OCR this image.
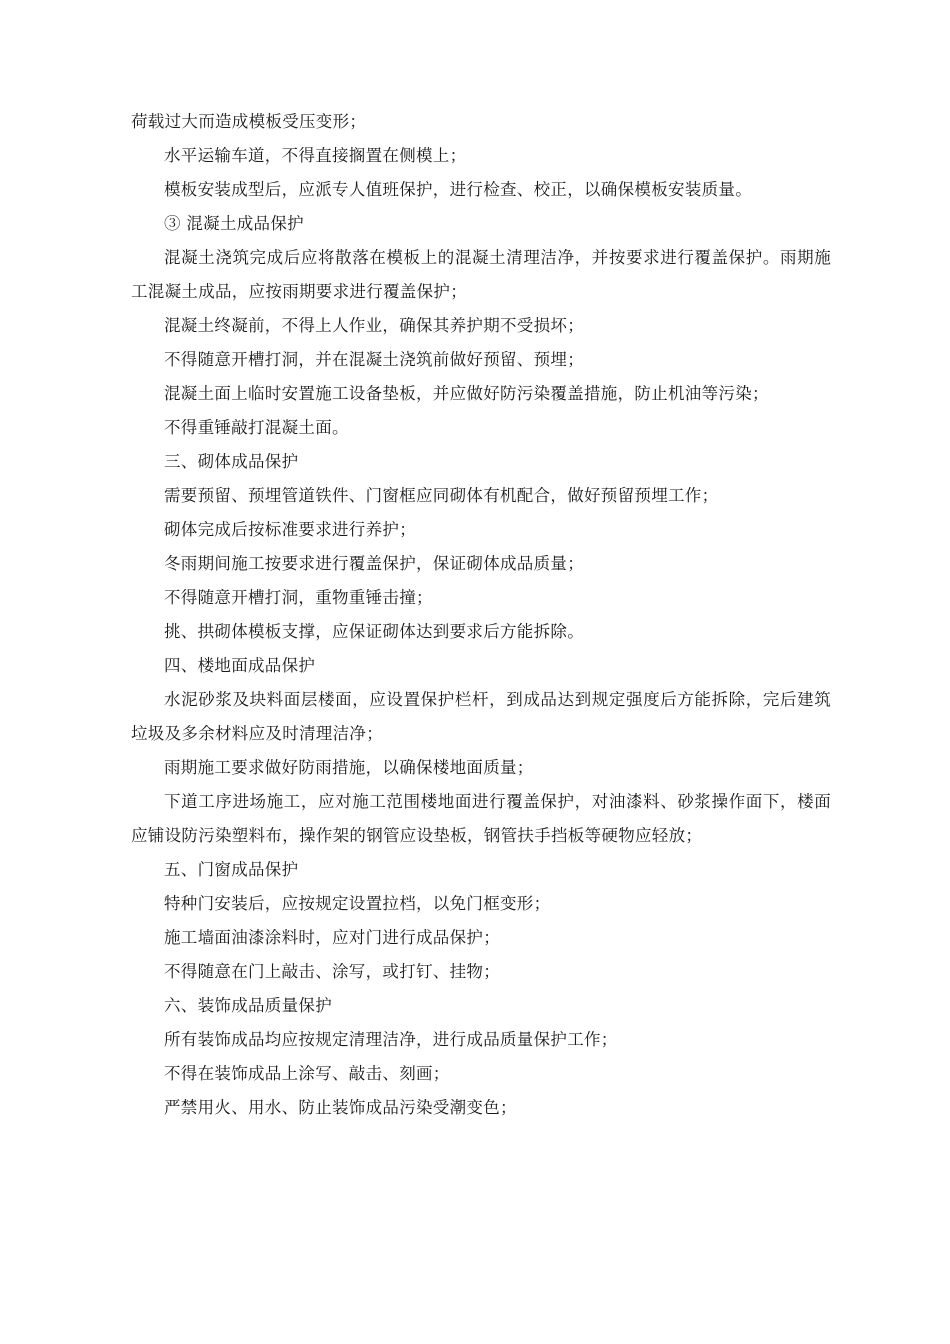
荷载过大而造成模板受压变形；

水平运输车道，不得直接搁置在侧模上；

模板安装成型后，应派专人值班保护，进行检查、校正，以确保模板安装质量。

③ 混凝土成品保护

混凝土浇筑完成后应将散落在模板上的混凝土清理洁净，并按要求进行覆盖保护。雨期施工混凝土成品，应按雨期要求进行覆盖保护；

混凝土终凝前，不得上人作业，确保其养护期不受损坏；

不得随意开槽打洞，并在混凝土浇筑前做好预留、预埋；

混凝土面上临时安置施工设备垫板，并应做好防污染覆盖措施，防止机油等污染；

不得重锤敲打混凝土面。

三、砌体成品保护

需要预留、预埋管道铁件、门窗框应同砌体有机配合，做好预留预埋工作；

砌体完成后按标准要求进行养护；

冬雨期间施工按要求进行覆盖保护，保证砌体成品质量；

不得随意开槽打洞，重物重锤击撞；

挑、拱砌体模板支撑，应保证砌体达到要求后方能拆除。

四、楼地面成品保护

水泥砂浆及块料面层楼面，应设置保护栏杆，到成品达到规定强度后方能拆除，完后建筑垃圾及多余材料应及时清理洁净；

雨期施工要求做好防雨措施，以确保楼地面质量；

下道工序进场施工，应对施工范围楼地面进行覆盖保护，对油漆料、砂浆操作面下，楼面应铺设防污染塑料布，操作架的钢管应设垫板，钢管扶手挡板等硬物应轻放；

五、门窗成品保护

特种门安装后，应按规定设置拉档，以免门框变形；

施工墙面油漆涂料时，应对门进行成品保护；

不得随意在门上敲击、涂写，或打钉、挂物；

六、装饰成品质量保护

所有装饰成品均应按规定清理洁净，进行成品质量保护工作；

不得在装饰成品上涂写、敲击、刻画；

严禁用火、用水、防止装饰成品污染受潮变色；
